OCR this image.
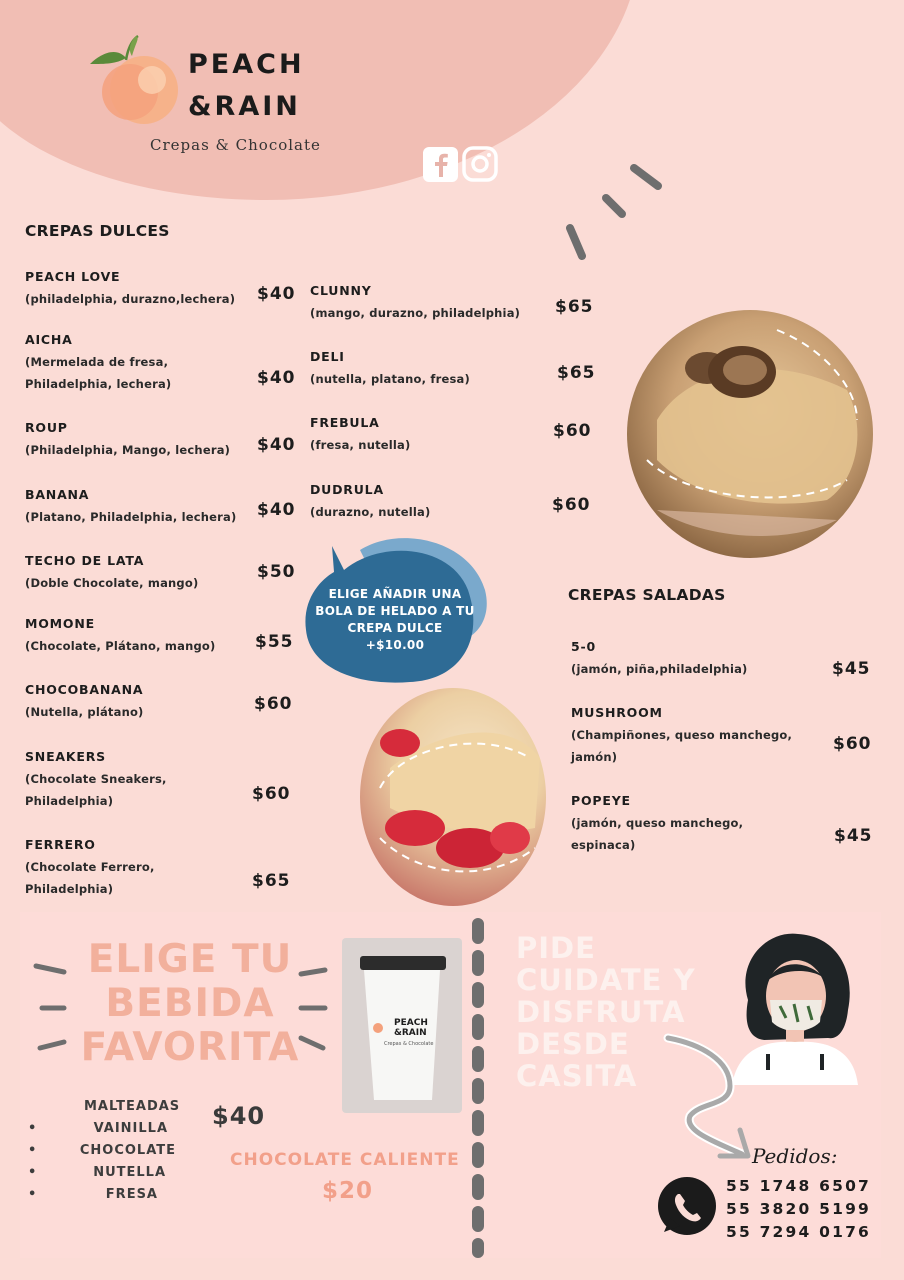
PEACH
&RAIN
Crepas & Chocolate
CREPAS DULCES
PEACH LOVE
(philadelphia, durazno,lechera) $40
AICHA
(Mermelada de fresa,
Philadelphia, lechera)	$40
ROUP
(Philadelphia, Mango, lechera) $40
BANANA
(Platano, Philadelphia, lechera) $40
TECHO DE LATA
(Doble Chocolate, mango)
$50
MOMONE
(Chocolate, Plátano, mango) $55
CHOCOBANANA
(Nutella, plátano)	$60
SNEAKERS
(Chocolate Sneakers,
Philadelphia)	$60
FERRERO
(Chocolate Ferrero,
Philadelphia)	$65
CLUNNY
(mango, durazno, philadelphia) $65
DELI
(nutella, platano, fresa)	$65
FREBULA
(fresa, nutella)
$60
DUDRULA
(durazno, nutella)	$60
ELIGE AÑADIR UNA
BOLA DE HELADO A TU
CREPA DULCE
+$10.00
CREPAS SALADAS
5-0
(jamón, piña,philadelphia)	$45
MUSHROOM
(Champiñones, queso manchego,
jamón)
$60
POPEYE
(jamón, queso manchego,
espinaca)	$45
ELIGE TU
BEBIDA
FAVORITA
MALTEADAS $40
•	VAINILLA
•	CHOCOLATE
•	NUTELLA
•	FRESA
CHOCOLATE CALIENTE
$20
PEACH
&RAIN
Crepas & Chocolate
PIDE
CUIDATE Y
DISFRUTA
DESDE
CASITA
Pedidos:
55 1748 6507
55 3820 5199
55 7294 0176
